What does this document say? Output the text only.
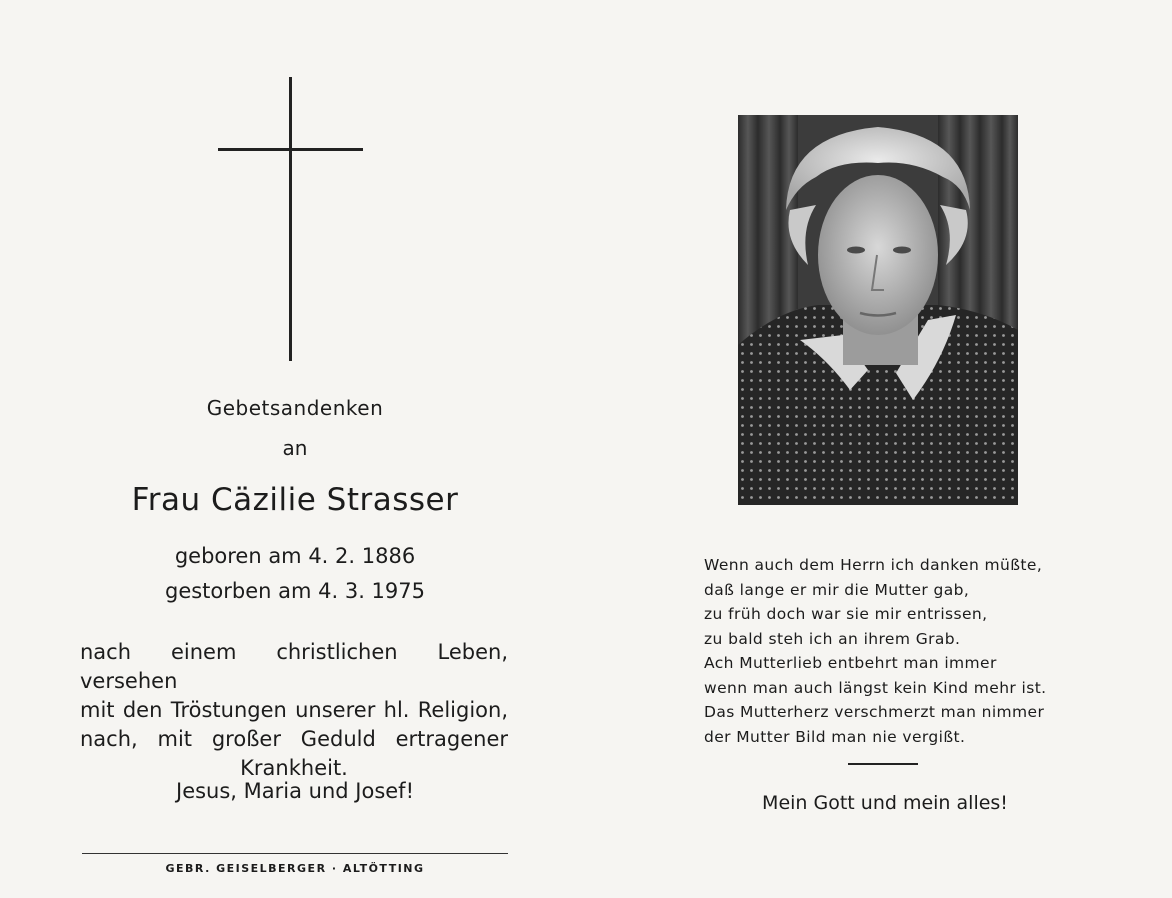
Gebetsandenken
an
Frau Cäzilie Strasser
geboren am 4. 2. 1886
gestorben am 4. 3. 1975
nach einem christlichen Leben, versehen
mit den Tröstungen unserer hl. Religion,
nach, mit großer Geduld ertragener
Krankheit.
Jesus, Maria und Josef!
GEBR. GEISELBERGER · ALTÖTTING
Wenn auch dem Herrn ich danken müßte,
daß lange er mir die Mutter gab,
zu früh doch war sie mir entrissen,
zu bald steh ich an ihrem Grab.
Ach Mutterlieb entbehrt man immer
wenn man auch längst kein Kind mehr ist.
Das Mutterherz verschmerzt man nimmer
der Mutter Bild man nie vergißt.
Mein Gott und mein alles!
